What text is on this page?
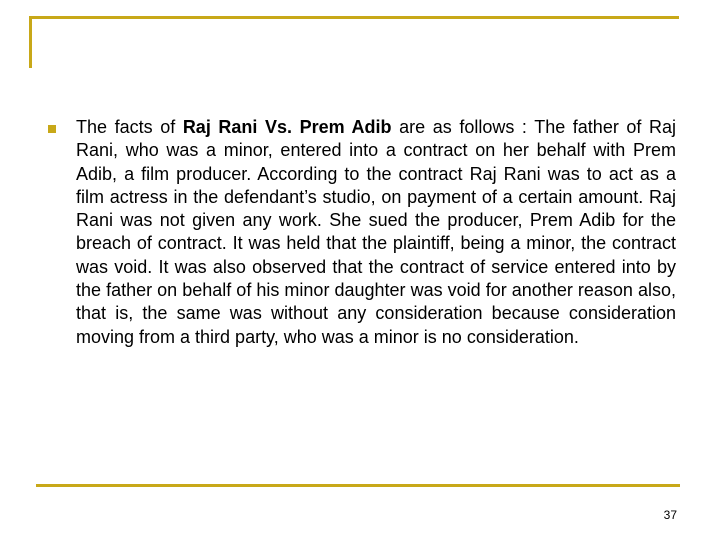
The facts of Raj Rani Vs. Prem Adib are as follows : The father of Raj Rani, who was a minor, entered into a contract on her behalf with Prem Adib, a film producer. According to the contract Raj Rani was to act as a film actress in the defendant’s studio, on payment of a certain amount. Raj Rani was not given any work. She sued the producer, Prem Adib for the breach of contract. It was held that the plaintiff, being a minor, the contract was void. It was also observed that the contract of service entered into by the father on behalf of his minor daughter was void for another reason also, that is, the same was without any consideration because consideration moving from a third party, who was a minor is no consideration.

37
